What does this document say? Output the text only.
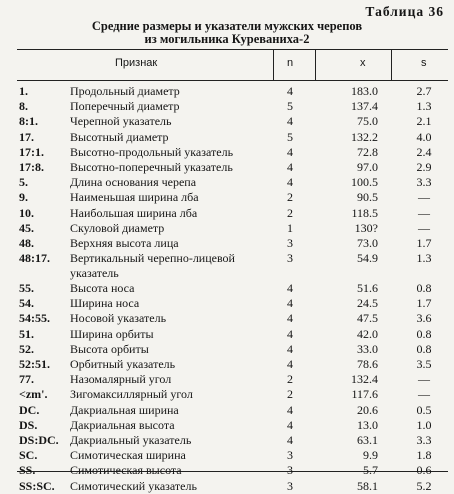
Таблица 36
Средние размеры и указатели мужских черепов
из могильника Куреваниха-2
Признак	n	x	s
1.	Продольный диаметр	4	183.0	2.7
8.	Поперечный диаметр	5	137.4	1.3
8:1.	Черепной указатель	4	75.0	2.1
17.	Высотный диаметр	5	132.2	4.0
17:1. Высотно-продольный указатель	4	72.8	2.4
17:8. Высотно-поперечный указатель	4	97.0	2.9
5.	Длина основания черепа	4	100.5	3.3
9.	Наименьшая ширина лба	2	90.5	—
10.	Наибольшая ширина лба	2	118.5	—
45.	Скуловой диаметр	1	130?	—
48.	Верхняя высота лица	3	73.0	1.7
48:17. Вертикальный черепно-лицевой указатель
3	54.9	1.3
55.	Высота носа	4	51.6	0.8
54.	Ширина носа	4	24.5	1.7
54:55. Носовой указатель	4	47.5	3.6
51.	Ширина орбиты	4	42.0	0.8
52.	Высота орбиты	4	33.0	0.8
52:51. Орбитный указатель	4	78.6	3.5
77.	Назомалярный угол	2	132.4	—
<zm'. Зигомаксиллярный угол	2	117.6	—
DC.	Дакриальная ширина	4	20.6	0.5
DS.	Дакриальная высота	4	13.0	1.0
DS:DC. Дакриальный указатель	4	63.1	3.3
SC.	Симотическая ширина	3	9.9	1.8
SS.	Симотическая высота	3	5.7	0.6
SS:SC. Симотический указатель	3	58.1	5.2
